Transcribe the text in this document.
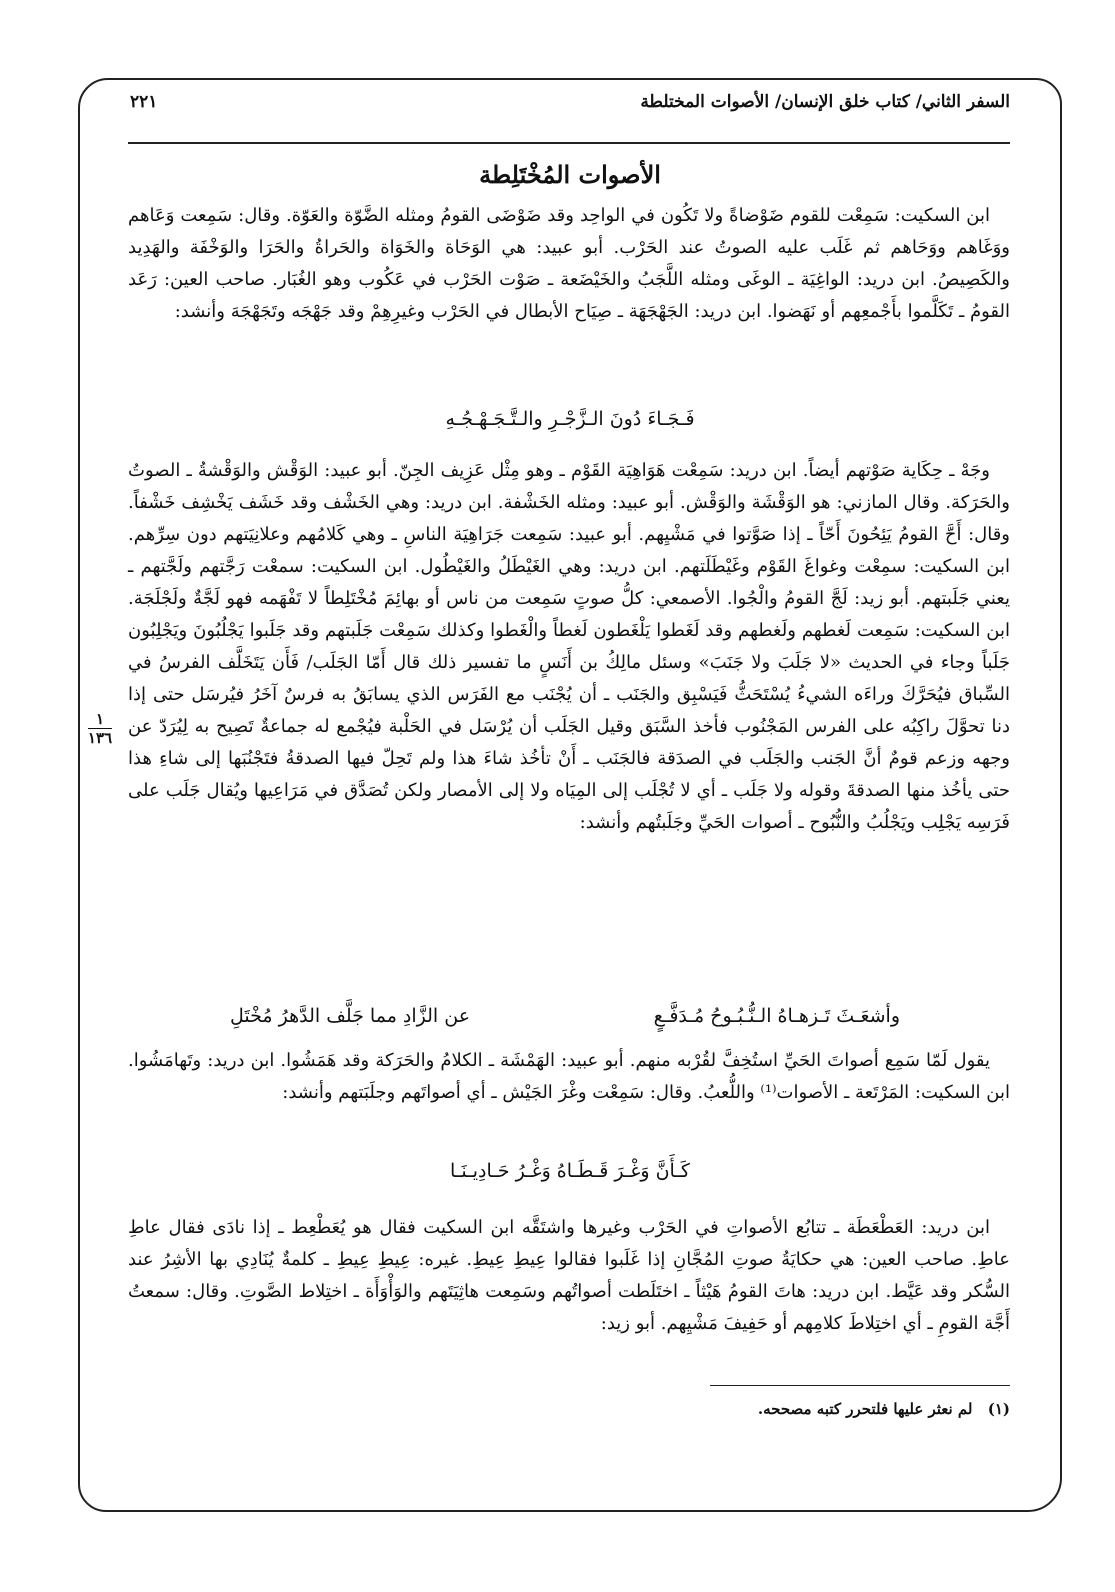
السفر الثاني/ كتاب خلق الإنسان/ الأصوات المختلطة
٢٢١
الأصوات المُخْتَلِطة

ابن السكيت: سَمِعْت للقوم ضَوْضاةً ولا تَكُون في الواحِد وقد ضَوْضَى القومُ ومثله الضَّوّة والعَوّة. وقال: سَمِعت وَعَاهم ووَغَاهم ووَحَاهم ثم غَلَب عليه الصوتُ عند الحَرْب. أبو عبيد: هي الوَحَاة والخَوَاة والحَراةُ والحَرَا والوَخْفَة والهَدِيد والكَصِيصُ. ابن دريد: الواغِيَة ـ الوغَى ومثله اللَّجَبُ والخَيْضَعة ـ صَوْت الحَرْب في عَكُوب وهو الغُبَار. صاحب العين: رَعَد القومُ ـ تَكَلَّموا بأَجْمعِهم أو نَهَضوا. ابن دريد: الجَهْجَهَة ـ صِيَاح الأبطال في الحَرْب وغيرِهِمْ وقد جَهْجَه وتَجَهْجَهَ وأنشد:

فَـجَـاءَ دُونَ الـزَّجْـرِ والـتَّـجَـهْـجُـهِ

وجَهْ ـ حِكَاية صَوْتهم أيضاً. ابن دريد: سَمِعْت هَوَاهِيَة القَوْم ـ وهو مِثْل عَزِيف الجِنّ. أبو عبيد: الوَقْش والوَقْشةُ ـ الصوتُ والحَرَكة. وقال المازني: هو الوَقْشَة والوَقْش. أبو عبيد: ومثله الخَشْفة. ابن دريد: وهي الخَشْف وقد خَشَف يَخْشِف خَشْفاً. وقال: أَحَّ القومُ يَئِحُونَ أَحّاً ـ إذا صَوَّتوا في مَشْيِهم. أبو عبيد: سَمِعت جَرَاهِيَة الناسِ ـ وهي كَلامُهم وعلانِيَتهم دون سِرِّهم. ابن السكيت: سمِعْت وغواغَ القَوْم وغَيْطَلَتهم. ابن دريد: وهي الغَيْطَلُ والغَيْطُول. ابن السكيت: سمعْت رَجَّتهم ولَجَّتهم ـ يعني جَلَبتهم. أبو زيد: لَجَّ القومُ والْجُوا. الأصمعي: كلُّ صوتٍ سَمِعت من ناس أو بهائِمَ مُخْتَلِطاً لا تَفْهَمه فهو لَجَّةٌ ولَجْلَجَة. ابن السكيت: سَمِعت لَغطهم ولَغطهم وقد لَغَطوا يَلْغَطون لَغطاً والْغَطوا وكذلك سَمِعْت جَلَبتهم وقد جَلَبوا يَجْلُبُونَ ويَجْلِبُون جَلَباً وجاء في الحديث «لا جَلَبَ ولا جَنَبَ» وسئل مالِكُ بن أَنَسٍ ما تفسير ذلك قال أَمّا الجَلَب/ فَأَن يَتَخَلَّف الفرسُ في السِّباق فيُحَرَّكَ وراءَه الشيءُ يُسْتَحَثُّ فَيَسْبِق والجَنَب ـ أن يُجْنَب مع الفَرَس الذي يسابَقُ به فرسٌ آخَرُ فيُرسَل حتى إذا دنا تحوَّلَ راكِبُه على الفرس المَجْنُوب فأخذ السَّبَق وقيل الجَلَب أن يُرْسَل في الحَلْبة فيُجْمع له جماعةٌ تَصِيح به لِيُرَدّ عن وجهه وزعم قومٌ أنَّ الجَنب والجَلَب في الصدَقة فالجَنَب ـ أَنْ تأخُذ شاءَ هذا ولم تَحِلّ فيها الصدقةُ فتَجْنُبَها إلى شاءِ هذا حتى يأخُذ منها الصدقةَ وقوله ولا جَلَب ـ أي لا تُجْلَب إلى المِيَاه ولا إلى الأمصار ولكن تُصَدَّق في مَرَاعِيها ويُقال جَلَب على فَرَسِه يَجْلِب ويَجْلُبُ والنُّبُوح ـ أصوات الحَيِّ وجَلَبتُهم وأنشد:

١
١٣٦
وأشعَـثَ تَـزهـاهُ الـنُّـبُـوحُ مُـدَفَّـعٍ
عن الزَّادِ مما جَلَّف الدَّهرُ مُخْتَلِ

يقول لَمّا سَمِع أصواتَ الحَيِّ استُخِفَّ لقُرْبه منهم. أبو عبيد: الهَمْشَة ـ الكلامُ والحَرَكة وقد هَمَشُوا. ابن دريد: وتَهامَشُوا. ابن السكيت: المَرْتَعة ـ الأصوات⁽¹⁾ واللُّعبُ. وقال: سَمِعْت وغْرَ الجَيْش ـ أي أصواتَهم وجلَبَتهم وأنشد:

كَـأَنَّ وَغْـرَ قَـطَـاهُ وَغْـرُ حَـادِيـنَـا

ابن دريد: العَطْعَطَة ـ تتابُع الأصواتِ في الحَرْب وغيرها واشتَقَّه ابن السكيت فقال هو يُعَطْعِط ـ إذا نادَى فقال عاطِ عاطِ. صاحب العين: هي حكايَةُ صوتِ المُجَّانِ إذا غَلَبوا فقالوا عِيطِ عِيطِ. غيره: عِيطِ عِيطِ ـ كلمةٌ يُنَادِي بها الأشِرُ عند السُّكر وقد عَيَّط. ابن دريد: هاتَ القومُ هَيْثاً ـ اختَلَطت أصواتُهم وسَمِعت هاثِيَتَهم والوَأْوَأَة ـ اختِلاط الصَّوتِ. وقال: سمعتُ أَجَّة القومِ ـ أي اختِلاطَ كلامِهم أو حَفِيفَ مَشْيِهم. أبو زيد:

(١) لم نعثر عليها فلتحرر كتبه مصححه.
